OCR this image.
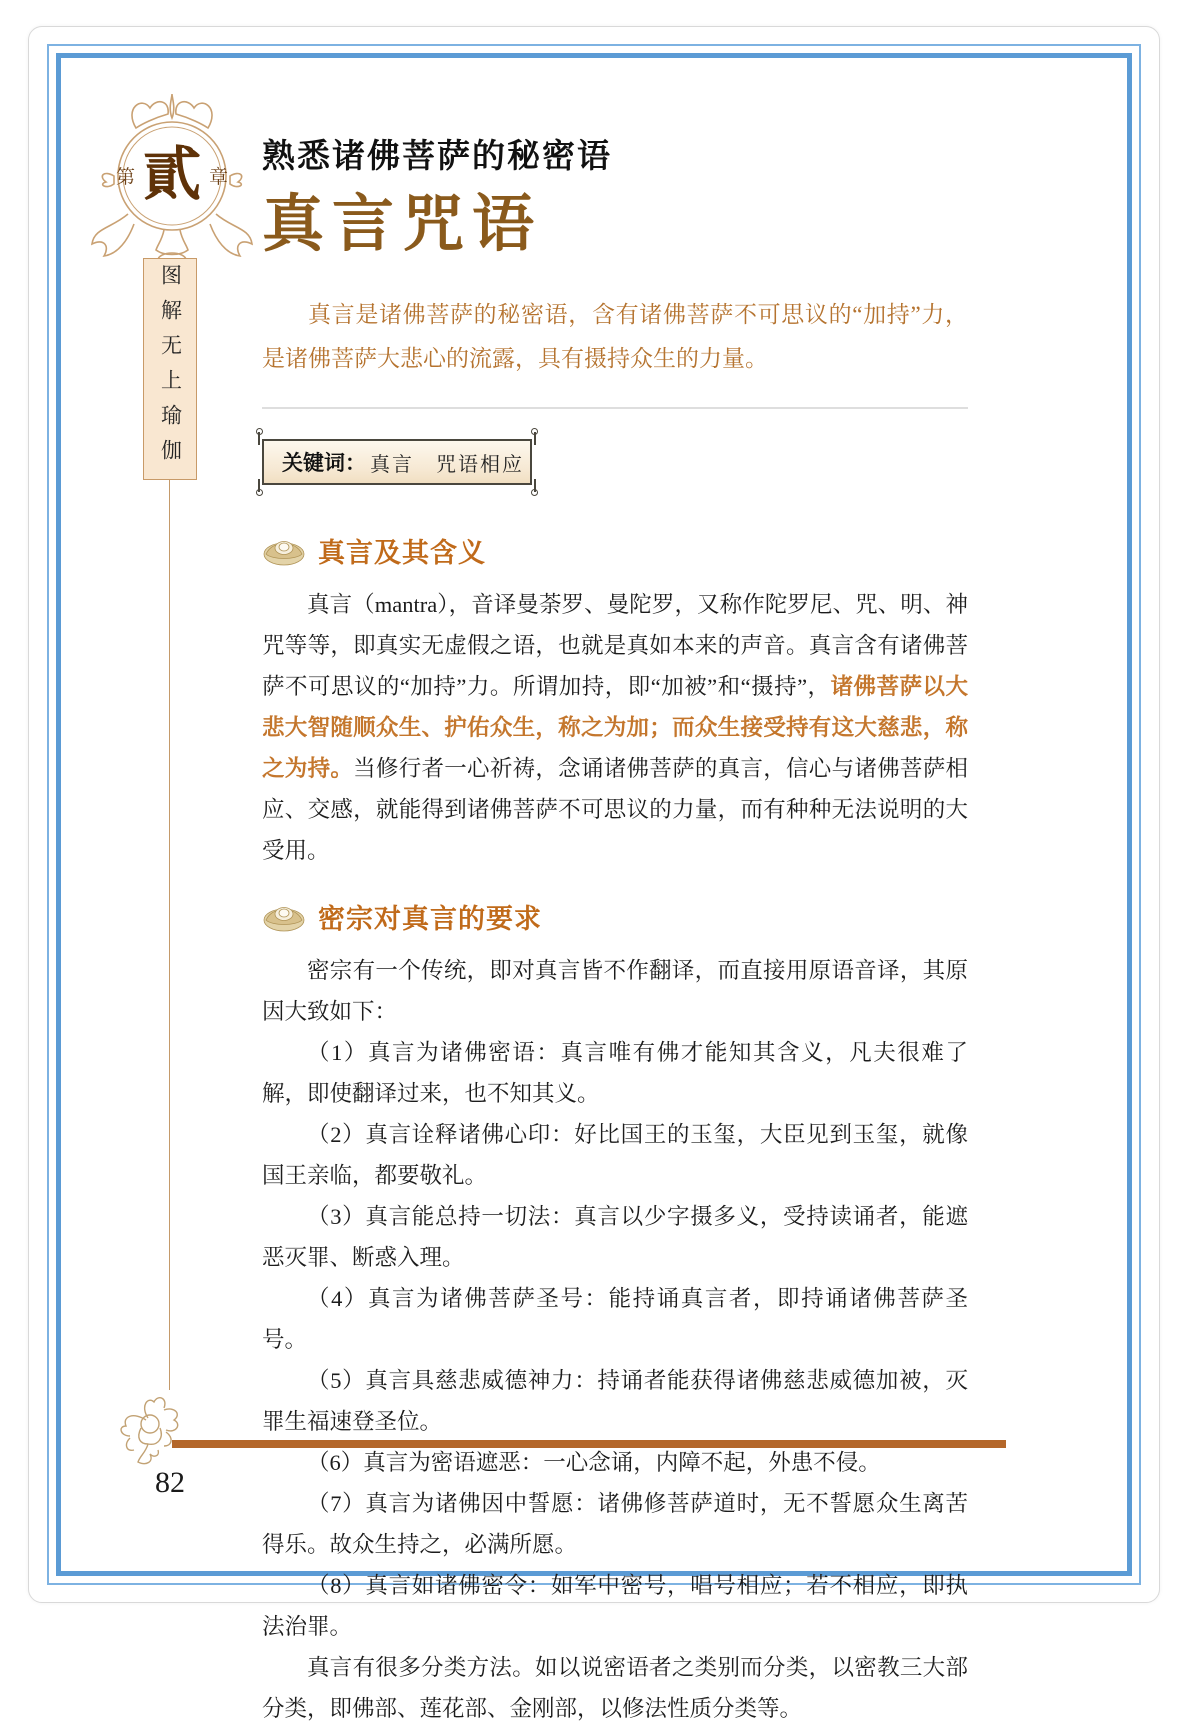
第 貳 章
图解无上瑜伽
熟悉诸佛菩萨的秘密语
真言咒语
真言是诸佛菩萨的秘密语，含有诸佛菩萨不可思议的“加持”力，是诸佛菩萨大悲心的流露，具有摄持众生的力量。
关键词： 真言　咒语相应
真言及其含义
真言（mantra），音译曼荼罗、曼陀罗，又称作陀罗尼、咒、明、神咒等等，即真实无虚假之语，也就是真如本来的声音。真言含有诸佛菩萨不可思议的“加持”力。所谓加持，即“加被”和“摄持”，诸佛菩萨以大悲大智随顺众生、护佑众生，称之为加；而众生接受持有这大慈悲，称之为持。当修行者一心祈祷，念诵诸佛菩萨的真言，信心与诸佛菩萨相应、交感，就能得到诸佛菩萨不可思议的力量，而有种种无法说明的大受用。
密宗对真言的要求
密宗有一个传统，即对真言皆不作翻译，而直接用原语音译，其原因大致如下：
（1）真言为诸佛密语：真言唯有佛才能知其含义，凡夫很难了解，即使翻译过来，也不知其义。
（2）真言诠释诸佛心印：好比国王的玉玺，大臣见到玉玺，就像国王亲临，都要敬礼。
（3）真言能总持一切法：真言以少字摄多义，受持读诵者，能遮恶灭罪、断惑入理。
（4）真言为诸佛菩萨圣号：能持诵真言者，即持诵诸佛菩萨圣号。
（5）真言具慈悲威德神力：持诵者能获得诸佛慈悲威德加被，灭罪生福速登圣位。
（6）真言为密语遮恶：一心念诵，内障不起，外患不侵。
（7）真言为诸佛因中誓愿：诸佛修菩萨道时，无不誓愿众生离苦得乐。故众生持之，必满所愿。
（8）真言如诸佛密令：如军中密号，唱号相应；若不相应，即执法治罪。
真言有很多分类方法。如以说密语者之类别而分类，以密教三大部分类，即佛部、莲花部、金刚部，以修法性质分类等。
82
